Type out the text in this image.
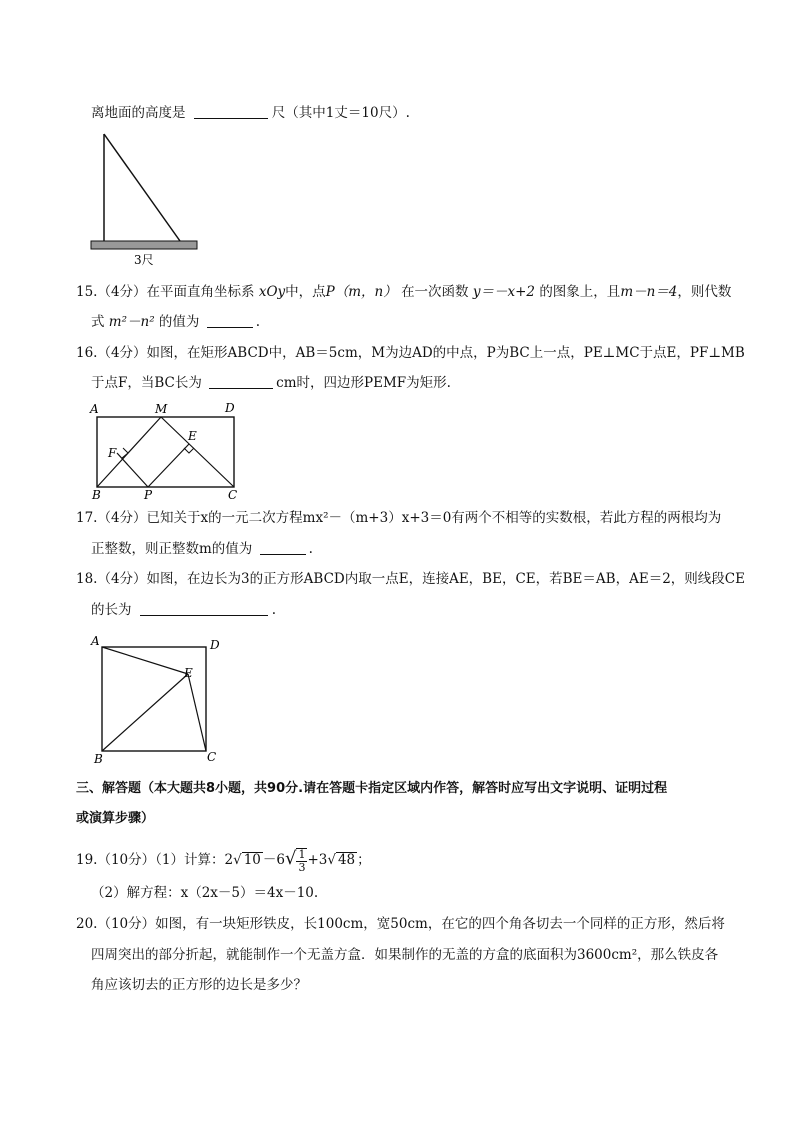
离地面的高度是	尺（其中1丈＝10尺）.
3尺
15.（4分）在平面直角坐标系 xOy中，点P（m，n） 在一次函数 y＝－x+2 的图象上，且m－n＝4，则代数
式 m²－n² 的值为	.
16.（4分）如图，在矩形ABCD中，AB＝5cm，M为边AD的中点，P为BC上一点，PE⊥MC于点E，PF⊥MB
于点F，当BC长为	cm时，四边形PEMF为矩形.
A	M	D
F
E
B	P	C
17.（4分）已知关于x的一元二次方程mx²－（m+3）x+3＝0有两个不相等的实数根，若此方程的两根均为
正整数，则正整数m的值为	.
18.（4分）如图，在边长为3的正方形ABCD内取一点E，连接AE，BE，CE，若BE＝AB，AE＝2，则线段CE
的长为	.
A	D
E
B	C
三、解答题（本大题共8小题，共90分.请在答题卡指定区域内作答，解答时应写出文字说明、证明过程
或演算步骤）
19.（10分）（1）计算：2√ $10 -6√ \frac{1}{3} +3√$ 48 ；
（2）解方程：x（2x－5）＝4x－10.
20.（10分）如图，有一块矩形铁皮，长100cm，宽50cm，在它的四个角各切去一个同样的正方形，然后将
四周突出的部分折起，就能制作一个无盖方盒．如果制作的无盖的方盒的底面积为3600cm²，那么铁皮各
角应该切去的正方形的边长是多少？
